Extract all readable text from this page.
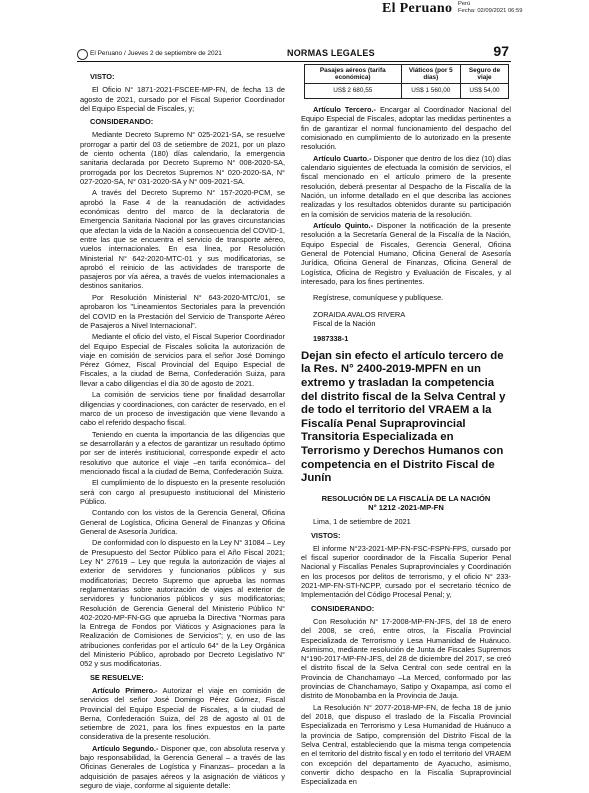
El Peruano Perú
Fecha: 02/09/2021 06:59
El Peruano / Jueves 2 de septiembre de 2021	NORMAS LEGALES	97

VISTO:

El Oficio N° 1871-2021-FSCEE-MP-FN, de fecha 13 de agosto de 2021, cursado por el Fiscal Superior Coordinador del Equipo Especial de Fiscales, y;

CONSIDERANDO:

Mediante Decreto Supremo N° 025-2021-SA, se resuelve prorrogar a partir del 03 de setiembre de 2021, por un plazo de ciento ochenta (180) días calendario, la emergencia sanitaria declarada por Decreto Supremo N° 008-2020-SA, prorrogada por los Decretos Supremos N° 020-2020-SA, N° 027-2020-SA, N° 031-2020-SA y N° 009-2021-SA.

A través del Decreto Supremo N° 157-2020-PCM, se aprobó la Fase 4 de la reanudación de actividades económicas dentro del marco de la declaratoria de Emergencia Sanitaria Nacional por las graves circunstancias que afectan la vida de la Nación a consecuencia del COVID-1, entre las que se encuentra el servicio de transporte aéreo, vuelos internacionales. En esa línea, por Resolución Ministerial N° 642-2020-MTC-01 y sus modificatorias, se aprobó el reinicio de las actividades de transporte de pasajeros por vía aérea, a través de vuelos internacionales a destinos sanitarios.

Por Resolución Ministerial N° 643-2020-MTC/01, se aprobaron los "Lineamientos Sectoriales para la prevención del COVID en la Prestación del Servicio de Transporte Aéreo de Pasajeros a Nivel Internacional".

Mediante el oficio del visto, el Fiscal Superior Coordinador del Equipo Especial de Fiscales solicita la autorización de viaje en comisión de servicios para el señor José Domingo Pérez Gómez, Fiscal Provincial del Equipo Especial de Fiscales, a la ciudad de Berna, Confederación Suiza, para llevar a cabo diligencias el día 30 de agosto de 2021.

La comisión de servicios tiene por finalidad desarrollar diligencias y coordinaciones, con carácter de reservado, en el marco de un proceso de investigación que viene llevando a cabo el referido despacho fiscal.

Teniendo en cuenta la importancia de las diligencias que se desarrollarán y a efectos de garantizar un resultado óptimo por ser de interés institucional, corresponde expedir el acto resolutivo que autorice el viaje –en tarifa económica– del mencionado fiscal a la ciudad de Berna, Confederación Suiza.

El cumplimiento de lo dispuesto en la presente resolución será con cargo al presupuesto institucional del Ministerio Público.

Contando con los vistos de la Gerencia General, Oficina General de Logística, Oficina General de Finanzas y Oficina General de Asesoría Jurídica.

De conformidad con lo dispuesto en la Ley N° 31084 – Ley de Presupuesto del Sector Público para el Año Fiscal 2021; Ley N° 27619 – Ley que regula la autorización de viajes al exterior de servidores y funcionarios públicos y sus modificatorias; Decreto Supremo que aprueba las normas reglamentarias sobre autorización de viajes al exterior de servidores y funcionarios públicos y sus modificatorias; Resolución de Gerencia General del Ministerio Público N° 402-2020-MP-FN-GG que aprueba la Directiva "Normas para la Entrega de Fondos por Viáticos y Asignaciones para la Realización de Comisiones de Servicios"; y, en uso de las atribuciones conferidas por el artículo 64° de la Ley Orgánica del Ministerio Público, aprobado por Decreto Legislativo N° 052 y sus modificatorias.

SE RESUELVE:

Artículo Primero.- Autorizar el viaje en comisión de servicios del señor José Domingo Pérez Gómez, Fiscal Provincial del Equipo Especial de Fiscales, a la ciudad de Berna, Confederación Suiza, del 28 de agosto al 01 de setiembre de 2021, para los fines expuestos en la parte considerativa de la presente resolución.

Artículo Segundo.- Disponer que, con absoluta reserva y bajo responsabilidad, la Gerencia General – a través de las Oficinas Generales de Logística y Finanzas– procedan a la adquisición de pasajes aéreos y la asignación de viáticos y seguro de viaje, conforme al siguiente detalle:

Pasajes aéreos (tarifa económica)	Viáticos (por 5 días)	Seguro de viaje
US$ 2 680,55	US$ 1 560,00	US$ 54,00

Artículo Tercero.- Encargar al Coordinador Nacional del Equipo Especial de Fiscales, adoptar las medidas pertinentes a fin de garantizar el normal funcionamiento del despacho del comisionado en cumplimiento de lo autorizado en la presente resolución.

Artículo Cuarto.- Disponer que dentro de los diez (10) días calendario siguientes de efectuada la comisión de servicios, el fiscal mencionado en el artículo primero de la presente resolución, deberá presentar al Despacho de la Fiscalía de la Nación, un informe detallado en el que describa las acciones realizadas y los resultados obtenidos durante su participación en la comisión de servicios materia de la resolución.

Artículo Quinto.- Disponer la notificación de la presente resolución a la Secretaría General de la Fiscalía de la Nación, Equipo Especial de Fiscales, Gerencia General, Oficina General de Potencial Humano, Oficina General de Asesoría Jurídica, Oficina General de Finanzas, Oficina General de Logística, Oficina de Registro y Evaluación de Fiscales, y al interesado, para los fines pertinentes.

Regístrese, comuníquese y publíquese.

ZORAIDA AVALOS RIVERA

Fiscal de la Nación

1987338-1

Dejan sin efecto el artículo tercero de la Res. N° 2400-2019-MPFN en un extremo y trasladan la competencia del distrito fiscal de la Selva Central y de todo el territorio del VRAEM a la Fiscalía Penal Supraprovincial Transitoria Especializada en Terrorismo y Derechos Humanos con competencia en el Distrito Fiscal de Junín
RESOLUCIÓN DE LA FISCALÍA DE LA NACIÓN
N° 1212 -2021-MP-FN

Lima, 1 de setiembre de 2021

VISTOS:

El informe N°23-2021-MP-FN-FSC-FSPN-FPS, cursado por el fiscal superior coordinador de la Fiscalía Superior Penal Nacional y Fiscalías Penales Supraprovinciales y Coordinación en los procesos por delitos de terrorismo, y el oficio N° 233-2021-MP-FN-STI-NCPP, cursado por el secretario técnico de Implementación del Código Procesal Penal; y,

CONSIDERANDO:

Con Resolución N° 17-2008-MP-FN-JFS, del 18 de enero del 2008, se creó, entre otros, la Fiscalía Provincial Especializada de Terrorismo y Lesa Humanidad de Huánuco. Asimismo, mediante resolución de Junta de Fiscales Supremos N°190-2017-MP-FN-JFS, del 28 de diciembre del 2017, se creó el distrito fiscal de la Selva Central con sede central en la Provincia de Chanchamayo –La Merced, conformado por las provincias de Chanchamayo, Satipo y Oxapampa, así como el distrito de Monobamba en la Provincia de Jauja.

La Resolución N° 2077-2018-MP-FN, de fecha 18 de junio del 2018, que dispuso el traslado de la Fiscalía Provincial Especializada en Terrorismo y Lesa Humanidad de Huánuco a la provincia de Satipo, comprensión del Distrito Fiscal de la Selva Central, estableciendo que la misma tenga competencia en el territorio del distrito fiscal y en todo el territorio del VRAEM con excepción del departamento de Ayacucho, asimismo, convertir dicho despacho en la Fiscalía Supraprovincial Especializada en
